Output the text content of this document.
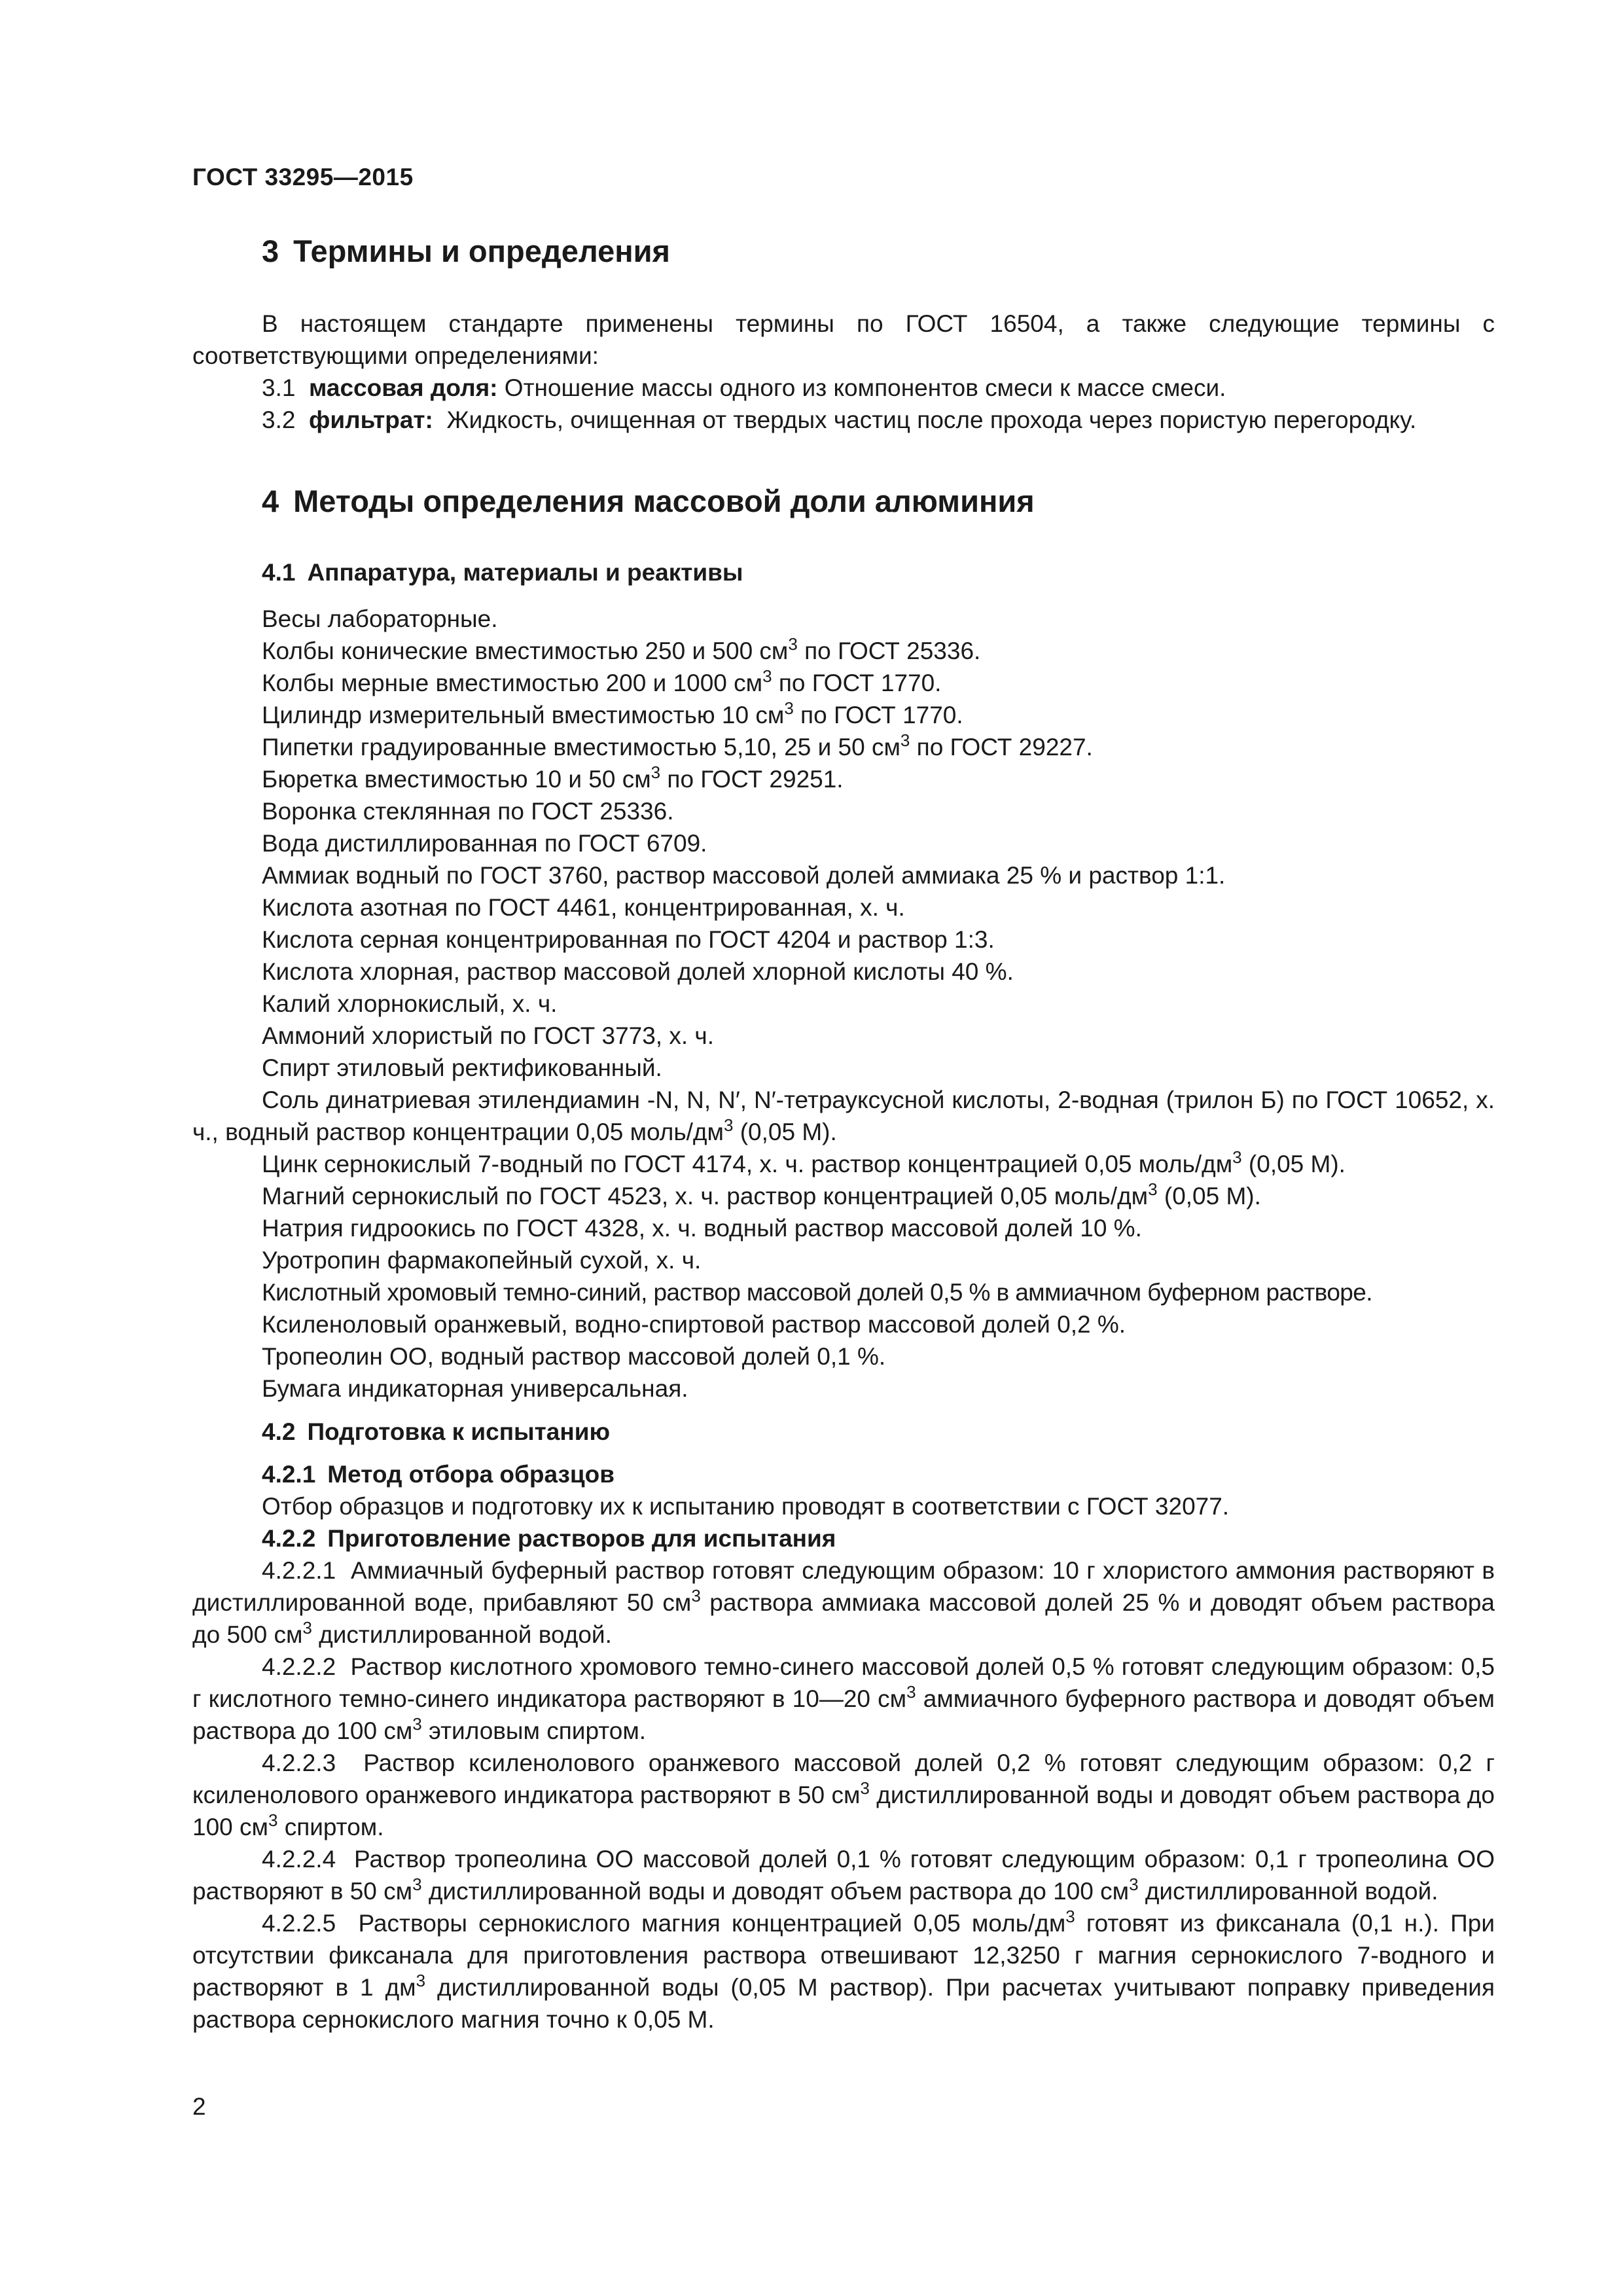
ГОСТ 33295—2015
3 Термины и определения

В настоящем стандарте применены термины по ГОСТ 16504, а также следующие термины с соответствующими определениями:

3.1 массовая доля: Отношение массы одного из компонентов смеси к массе смеси.

3.2 фильтрат: Жидкость, очищенная от твердых частиц после прохода через пористую перегородку.

4 Методы определения массовой доли алюминия
4.1 Аппаратура, материалы и реактивы

Весы лабораторные.

Колбы конические вместимостью 250 и 500 $см^3$ по ГОСТ 25336.

Колбы мерные вместимостью 200 и 1000 $см^3$ по ГОСТ 1770.

Цилиндр измерительный вместимостью 10 $см^3$ по ГОСТ 1770.

Пипетки градуированные вместимостью 5,10, 25 и 50 $см^3$ по ГОСТ 29227.

Бюретка вместимостью 10 и 50 $см^3$ по ГОСТ 29251.

Воронка стеклянная по ГОСТ 25336.

Вода дистиллированная по ГОСТ 6709.

Аммиак водный по ГОСТ 3760, раствор массовой долей аммиака 25 % и раствор 1:1.

Кислота азотная по ГОСТ 4461, концентрированная, х. ч.

Кислота серная концентрированная по ГОСТ 4204 и раствор 1:3.

Кислота хлорная, раствор массовой долей хлорной кислоты 40 %.

Калий хлорнокислый, х. ч.

Аммоний хлористый по ГОСТ 3773, х. ч.

Спирт этиловый ректификованный.

Соль динатриевая этилендиамин -N, N, N′, N′-тетрауксусной кислоты, 2-водная (трилон Б) по ГОСТ 10652, х. ч., водный раствор концентрации 0,05 моль/$дм^3$ (0,05 М).

Цинк сернокислый 7-водный по ГОСТ 4174, х. ч. раствор концентрацией 0,05 моль/$дм^3$ (0,05 М).

Магний сернокислый по ГОСТ 4523, х. ч. раствор концентрацией 0,05 моль/$дм^3$ (0,05 М).

Натрия гидроокись по ГОСТ 4328, х. ч. водный раствор массовой долей 10 %.

Уротропин фармакопейный сухой, х. ч.

Кислотный хромовый темно-синий, раствор массовой долей 0,5 % в аммиачном буферном растворе.

Ксиленоловый оранжевый, водно-спиртовой раствор массовой долей 0,2 %.

Тропеолин ОО, водный раствор массовой долей 0,1 %.

Бумага индикаторная универсальная.

4.2 Подготовка к испытанию
4.2.1 Метод отбора образцов

Отбор образцов и подготовку их к испытанию проводят в соответствии с ГОСТ 32077.

4.2.2 Приготовление растворов для испытания

4.2.2.1 Аммиачный буферный раствор готовят следующим образом: 10 г хлористого аммония растворяют в дистиллированной воде, прибавляют 50 $см^3$ раствора аммиака массовой долей 25 % и доводят объем раствора до 500 $см^3$ дистиллированной водой.

4.2.2.2 Раствор кислотного хромового темно-синего массовой долей 0,5 % готовят следующим образом: 0,5 г кислотного темно-синего индикатора растворяют в 10—20 $см^3$ аммиачного буферного раствора и доводят объем раствора до 100 $см^3$ этиловым спиртом.

4.2.2.3 Раствор ксиленолового оранжевого массовой долей 0,2 % готовят следующим образом: 0,2 г ксиленолового оранжевого индикатора растворяют в 50 $см^3$ дистиллированной воды и доводят объем раствора до 100 $см^3$ спиртом.

4.2.2.4 Раствор тропеолина ОО массовой долей 0,1 % готовят следующим образом: 0,1 г тропеолина ОО растворяют в 50 $см^3$ дистиллированной воды и доводят объем раствора до 100 $см^3$ дистиллированной водой.

4.2.2.5 Растворы сернокислого магния концентрацией 0,05 моль/$дм^3$ готовят из фиксанала (0,1 н.). При отсутствии фиксанала для приготовления раствора отвешивают 12,3250 г магния сернокислого 7-водного и растворяют в 1 $дм^3$ дистиллированной воды (0,05 М раствор). При расчетах учитывают поправку приведения раствора сернокислого магния точно к 0,05 М.

2
